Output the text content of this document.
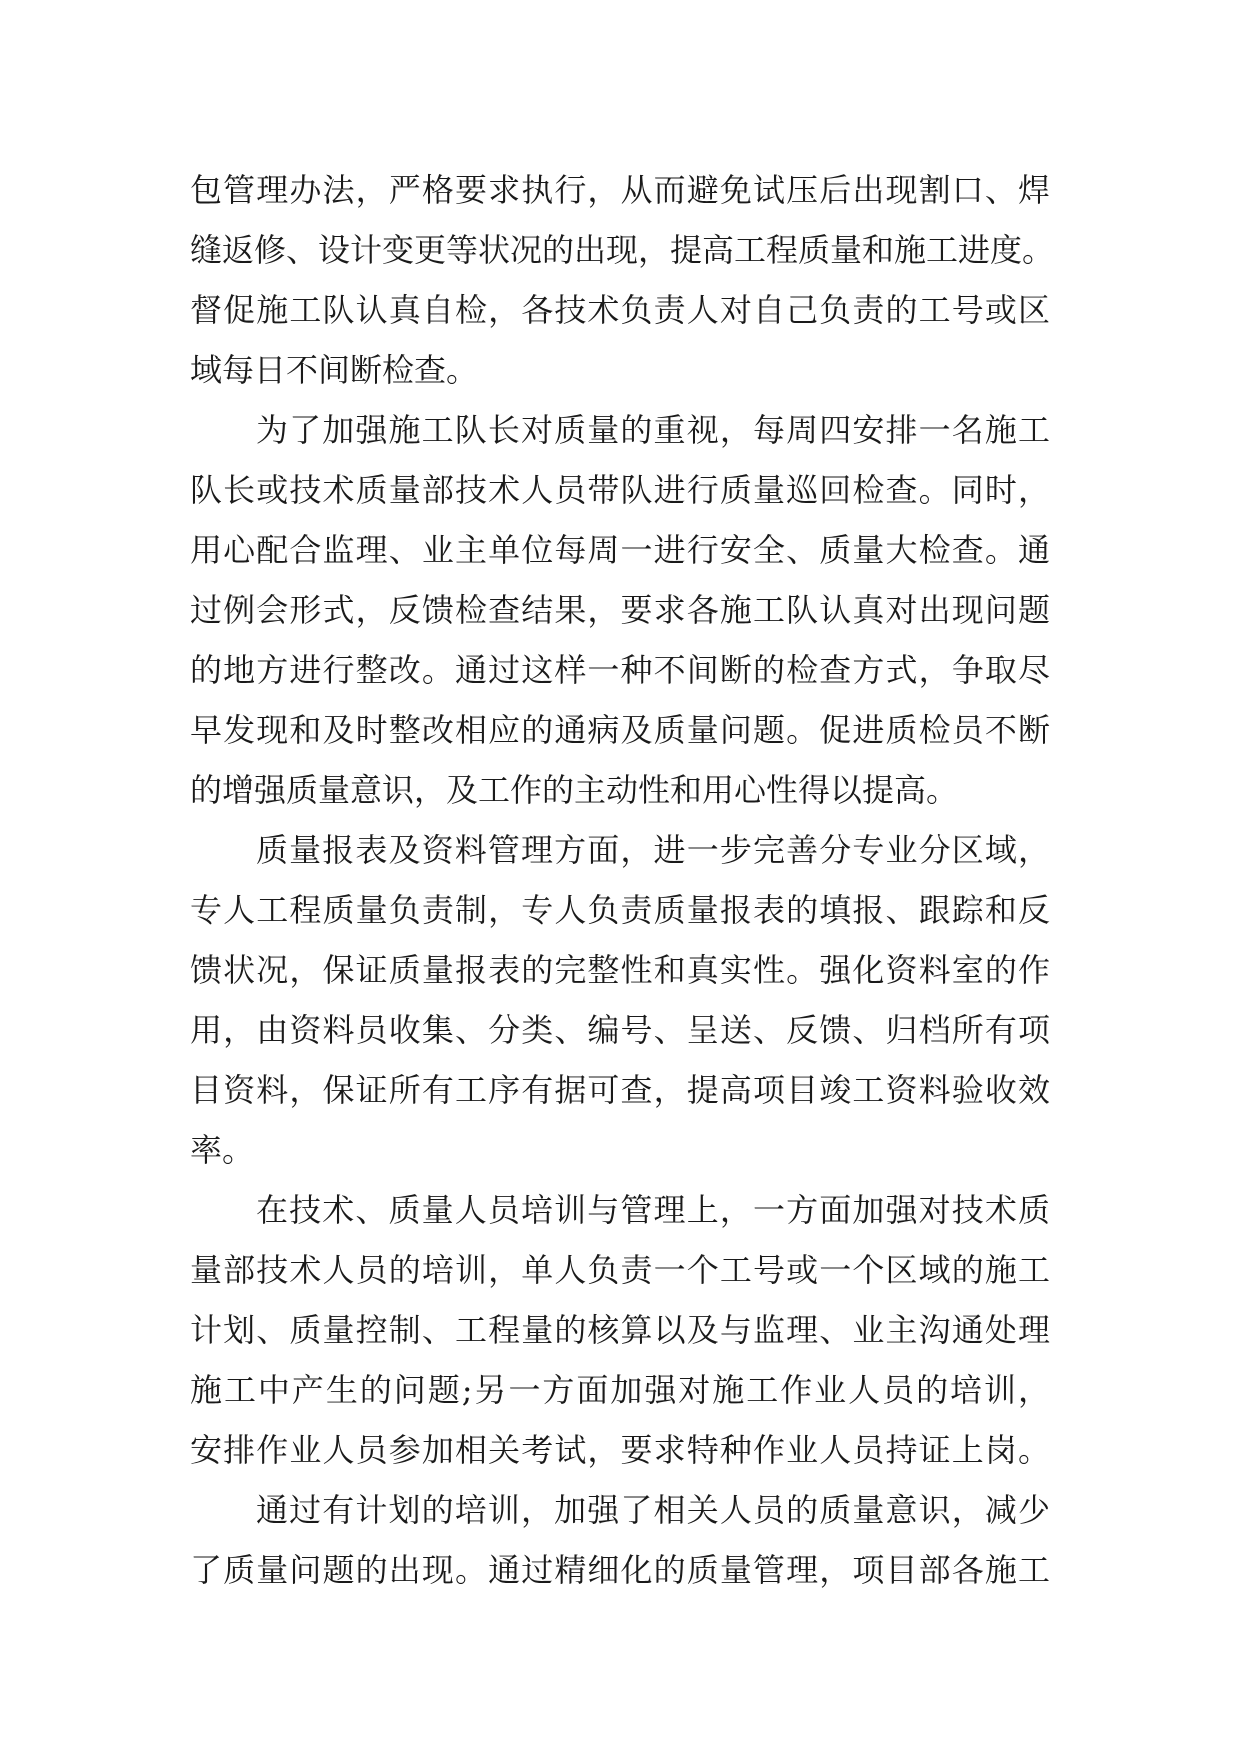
包管理办法，严格要求执行，从而避免试压后出现割口、焊
缝返修、设计变更等状况的出现，提高工程质量和施工进度。
督促施工队认真自检，各技术负责人对自己负责的工号或区
域每日不间断检查。
为了加强施工队长对质量的重视，每周四安排一名施工
队长或技术质量部技术人员带队进行质量巡回检查。同时，
用心配合监理、业主单位每周一进行安全、质量大检查。通
过例会形式，反馈检查结果，要求各施工队认真对出现问题
的地方进行整改。通过这样一种不间断的检查方式，争取尽
早发现和及时整改相应的通病及质量问题。促进质检员不断
的增强质量意识，及工作的主动性和用心性得以提高。
质量报表及资料管理方面，进一步完善分专业分区域，
专人工程质量负责制，专人负责质量报表的填报、跟踪和反
馈状况，保证质量报表的完整性和真实性。强化资料室的作
用，由资料员收集、分类、编号、呈送、反馈、归档所有项
目资料，保证所有工序有据可查，提高项目竣工资料验收效
率。
在技术、质量人员培训与管理上，一方面加强对技术质
量部技术人员的培训，单人负责一个工号或一个区域的施工
计划、质量控制、工程量的核算以及与监理、业主沟通处理
施工中产生的问题;另一方面加强对施工作业人员的培训，
安排作业人员参加相关考试，要求特种作业人员持证上岗。
通过有计划的培训，加强了相关人员的质量意识，减少
了质量问题的出现。通过精细化的质量管理，项目部各施工
